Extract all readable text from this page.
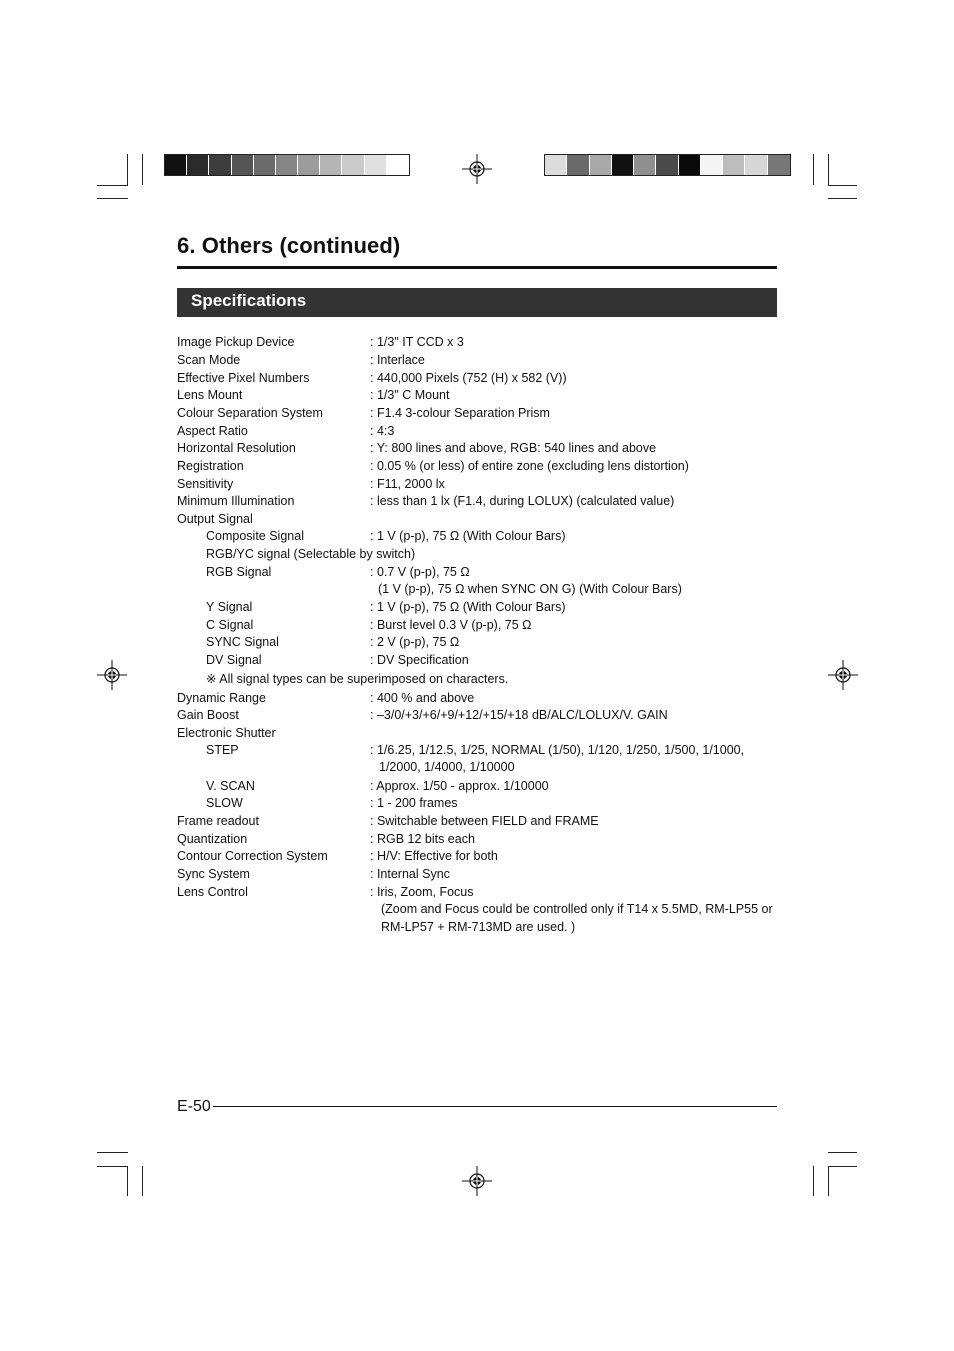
6. Others (continued)
Specifications
Image Pickup Device	: 1/3" IT CCD x 3
Scan Mode	: Interlace
Effective Pixel Numbers	: 440,000 Pixels (752 (H) x 582 (V))
Lens Mount	: 1/3" C Mount
Colour Separation System	: F1.4 3-colour Separation Prism
Aspect Ratio	: 4:3
Horizontal Resolution	: Y: 800 lines and above, RGB: 540 lines and above
Registration	: 0.05 % (or less) of entire zone (excluding lens distortion)
Sensitivity	: F11, 2000 lx
Minimum Illumination	: less than 1 lx (F1.4, during LOLUX) (calculated value)
Output Signal
Composite Signal	: 1 V (p-p), 75 Ω (With Colour Bars)
RGB/YC signal (Selectable by switch)
RGB Signal	: 0.7 V (p-p), 75 Ω
(1 V (p-p), 75 Ω when SYNC ON G) (With Colour Bars)
Y Signal	: 1 V (p-p), 75 Ω (With Colour Bars)
C Signal	: Burst level 0.3 V (p-p), 75 Ω
SYNC Signal	: 2 V (p-p), 75 Ω
DV Signal	: DV Specification
※ All signal types can be superimposed on characters.
Dynamic Range	: 400 % and above
Gain Boost	: –3/0/+3/+6/+9/+12/+15/+18 dB/ALC/LOLUX/V. GAIN
Electronic Shutter
STEP	: 1/6.25, 1/12.5, 1/25, NORMAL (1/50), 1/120, 1/250, 1/500, 1/1000,
1/2000, 1/4000, 1/10000
V. SCAN	: Approx. 1/50 - approx. 1/10000
SLOW	: 1 - 200 frames
Frame readout	: Switchable between FIELD and FRAME
Quantization	: RGB 12 bits each
Contour Correction System	: H/V: Effective for both
Sync System	: Internal Sync
Lens Control	: Iris, Zoom, Focus
(Zoom and Focus could be controlled only if T14 x 5.5MD, RM-LP55 or
RM-LP57 + RM-713MD are used. )
E-50
